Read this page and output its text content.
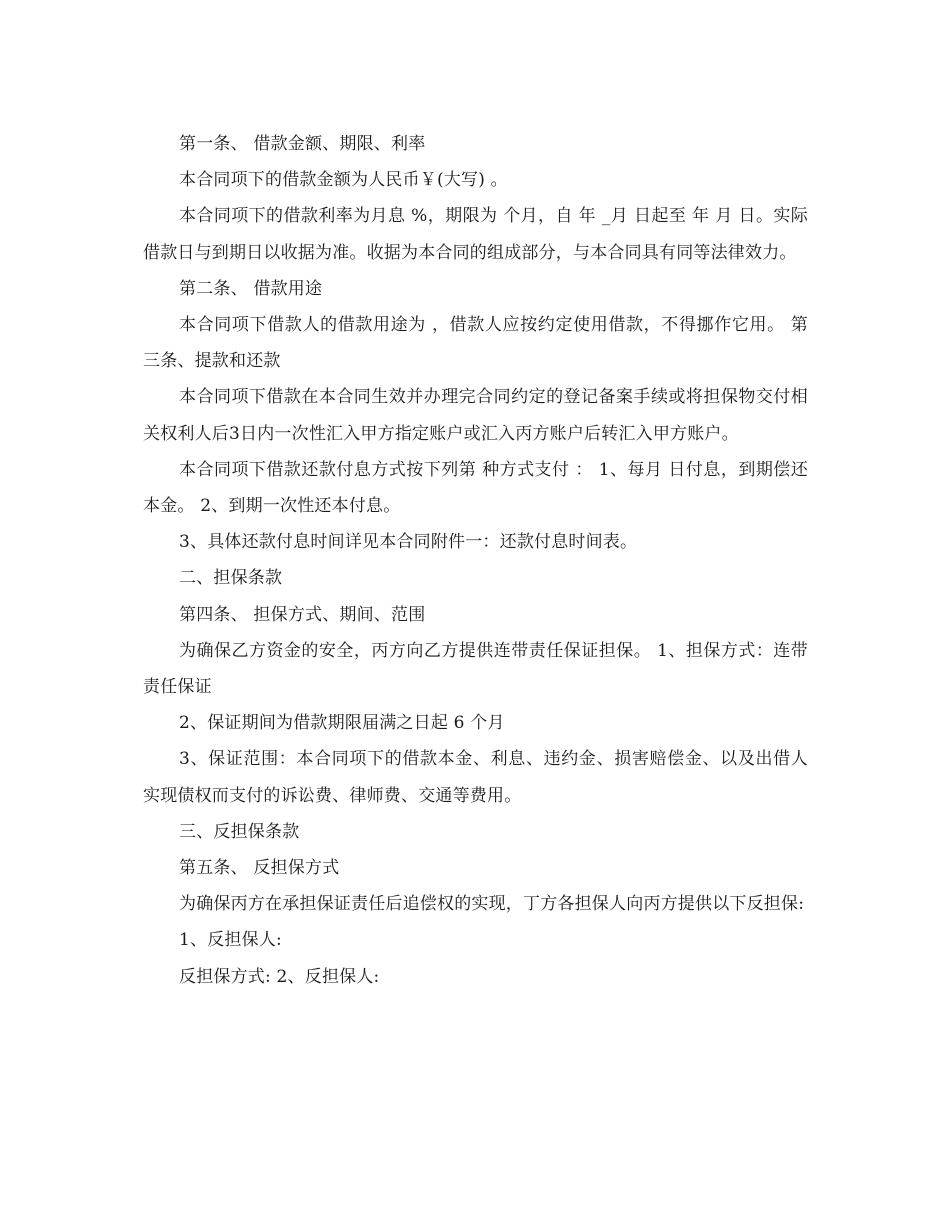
第一条、 借款金额、期限、利率

本合同项下的借款金额为人民币￥(大写) 。

本合同项下的借款利率为月息 %，期限为 个月，自 年 _月 日起至 年 月 日。实际借款日与到期日以收据为准。收据为本合同的组成部分，与本合同具有同等法律效力。

第二条、 借款用途

本合同项下借款人的借款用途为 ，借款人应按约定使用借款，不得挪作它用。 第三条、提款和还款

本合同项下借款在本合同生效并办理完合同约定的登记备案手续或将担保物交付相关权利人后3日内一次性汇入甲方指定账户或汇入丙方账户后转汇入甲方账户。

本合同项下借款还款付息方式按下列第 种方式支付 ： 1、每月 日付息，到期偿还本金。 2、到期一次性还本付息。

3、具体还款付息时间详见本合同附件一：还款付息时间表。

二、担保条款

第四条、 担保方式、期间、范围

为确保乙方资金的安全，丙方向乙方提供连带责任保证担保。 1、担保方式：连带责任保证

2、保证期间为借款期限届满之日起 6 个月

3、保证范围：本合同项下的借款本金、利息、违约金、损害赔偿金、以及出借人实现债权而支付的诉讼费、律师费、交通等费用。

三、反担保条款

第五条、 反担保方式

为确保丙方在承担保证责任后追偿权的实现，丁方各担保人向丙方提供以下反担保:

1、反担保人:

反担保方式: 2、反担保人:
